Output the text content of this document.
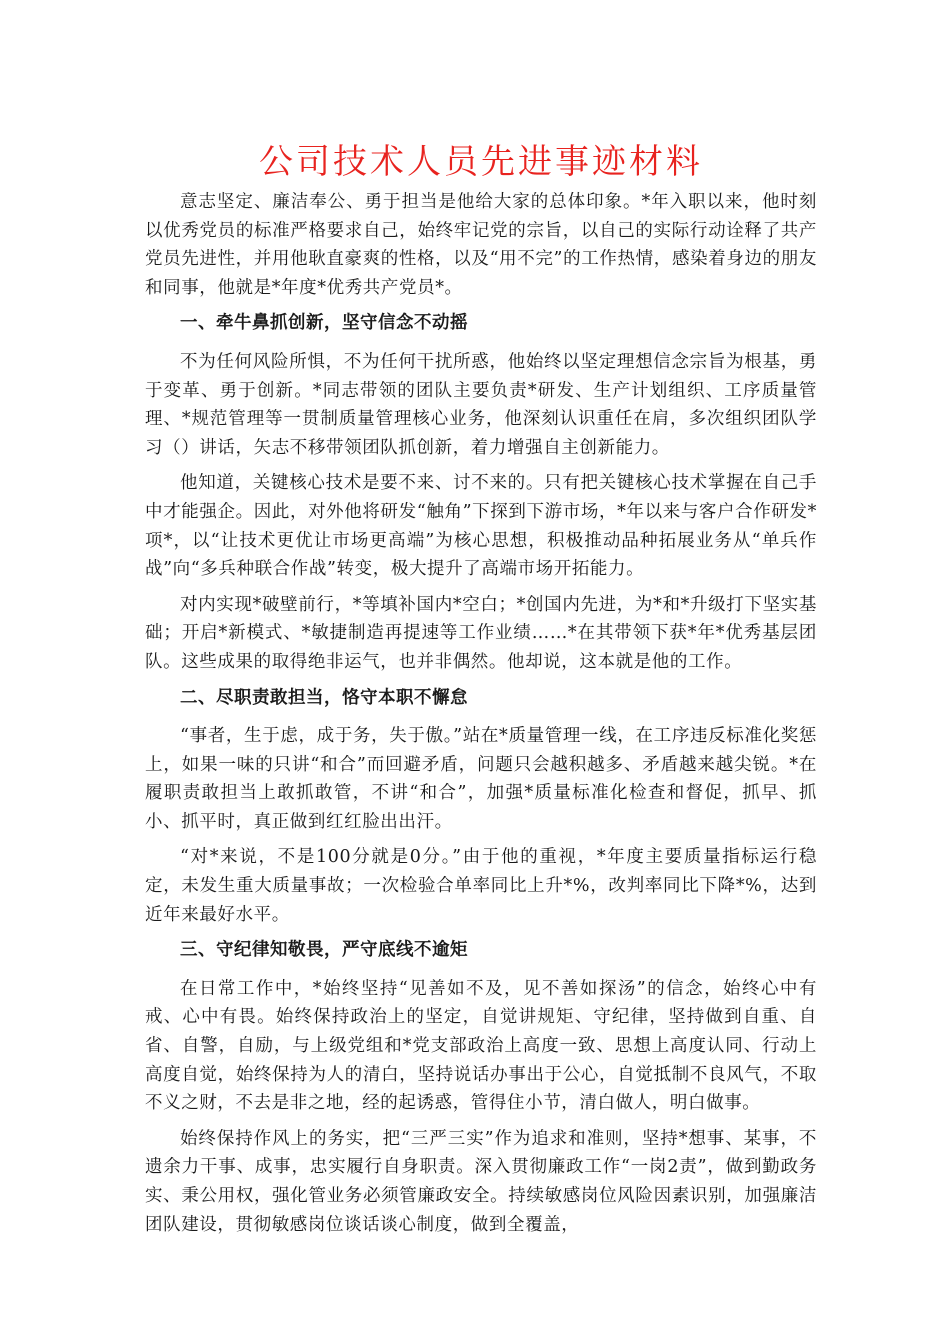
公司技术人员先进事迹材料

意志坚定、廉洁奉公、勇于担当是他给大家的总体印象。*年入职以来，他时刻以优秀党员的标准严格要求自己，始终牢记党的宗旨，以自己的实际行动诠释了共产党员先进性，并用他耿直豪爽的性格，以及“用不完”的工作热情，感染着身边的朋友和同事，他就是*年度*优秀共产党员*。

一、牵牛鼻抓创新，坚守信念不动摇

不为任何风险所惧，不为任何干扰所惑，他始终以坚定理想信念宗旨为根基，勇于变革、勇于创新。*同志带领的团队主要负责*研发、生产计划组织、工序质量管理、*规范管理等一贯制质量管理核心业务，他深刻认识重任在肩，多次组织团队学习（）讲话，矢志不移带领团队抓创新，着力增强自主创新能力。

他知道，关键核心技术是要不来、讨不来的。只有把关键核心技术掌握在自己手中才能强企。因此，对外他将研发“触角”下探到下游市场，*年以来与客户合作研发*项*，以“让技术更优让市场更高端”为核心思想，积极推动品种拓展业务从“单兵作战”向“多兵种联合作战”转变，极大提升了高端市场开拓能力。

对内实现*破壁前行，*等填补国内*空白；*创国内先进，为*和*升级打下坚实基础；开启*新模式、*敏捷制造再提速等工作业绩……*在其带领下获*年*优秀基层团队。这些成果的取得绝非运气，也并非偶然。他却说，这本就是他的工作。

二、尽职责敢担当，恪守本职不懈怠

“事者，生于虑，成于务，失于傲。”站在*质量管理一线，在工序违反标准化奖惩上，如果一味的只讲“和合”而回避矛盾，问题只会越积越多、矛盾越来越尖锐。*在履职责敢担当上敢抓敢管，不讲“和合”，加强*质量标准化检查和督促，抓早、抓小、抓平时，真正做到红红脸出出汗。

“对*来说，不是100分就是0分。”由于他的重视，*年度主要质量指标运行稳定，未发生重大质量事故；一次检验合单率同比上升*%，改判率同比下降*%，达到近年来最好水平。

三、守纪律知敬畏，严守底线不逾矩

在日常工作中，*始终坚持“见善如不及，见不善如探汤”的信念，始终心中有戒、心中有畏。始终保持政治上的坚定，自觉讲规矩、守纪律，坚持做到自重、自省、自警，自励，与上级党组和*党支部政治上高度一致、思想上高度认同、行动上高度自觉，始终保持为人的清白，坚持说话办事出于公心，自觉抵制不良风气，不取不义之财，不去是非之地，经的起诱惑，管得住小节，清白做人，明白做事。

始终保持作风上的务实，把“三严三实”作为追求和准则，坚持*想事、某事，不遗余力干事、成事，忠实履行自身职责。深入贯彻廉政工作“一岗2责”，做到勤政务实、秉公用权，强化管业务必须管廉政安全。持续敏感岗位风险因素识别，加强廉洁团队建设，贯彻敏感岗位谈话谈心制度，做到全覆盖，
